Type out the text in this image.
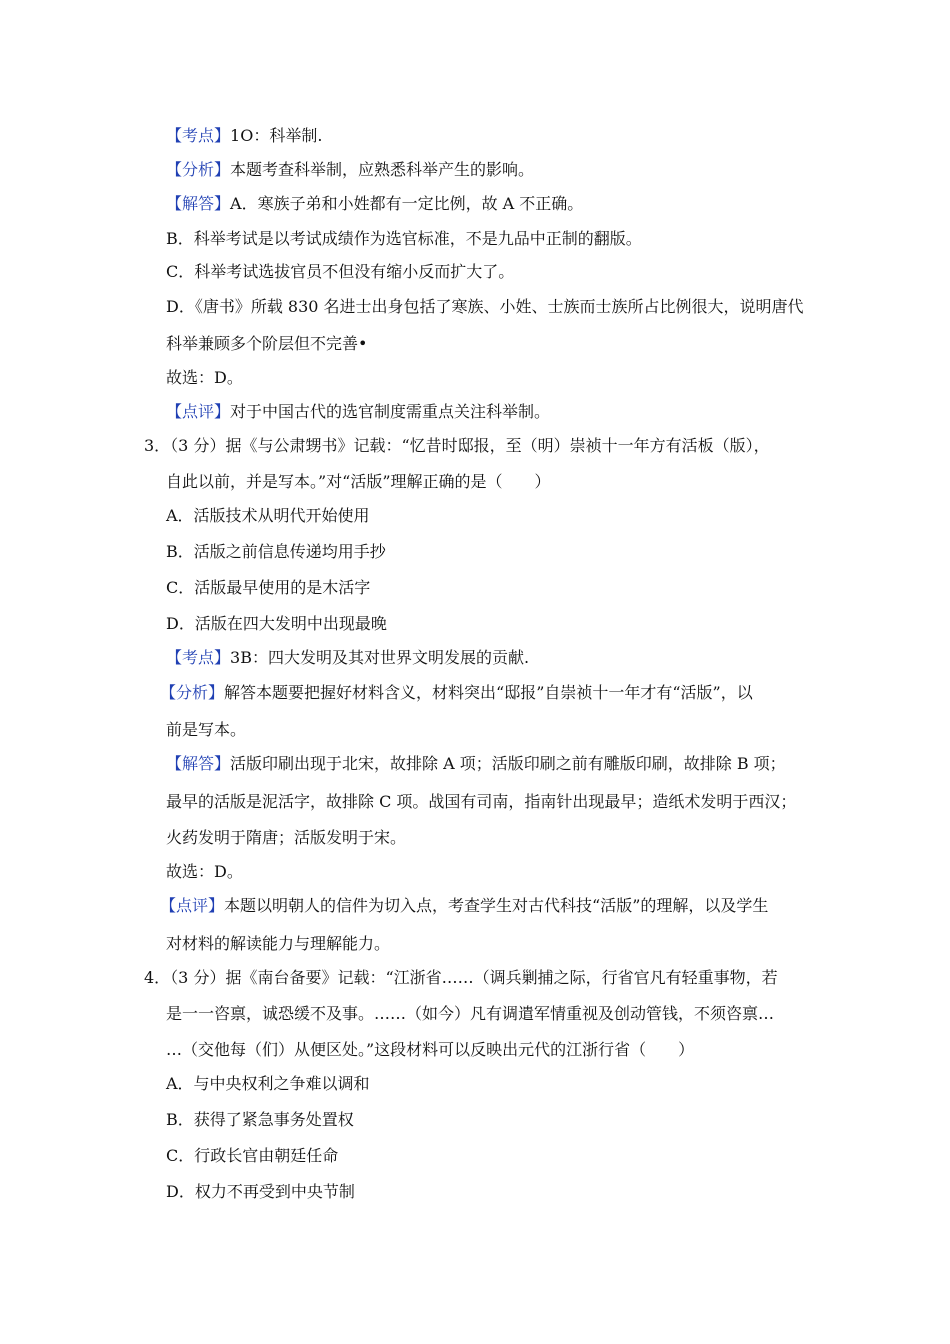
【考点】1O：科举制.
【分析】本题考查科举制，应熟悉科举产生的影响。
【解答】A．寒族子弟和小姓都有一定比例，故 A 不正确。
B．科举考试是以考试成绩作为选官标准，不是九品中正制的翻版。
C．科举考试选拔官员不但没有缩小反而扩大了。
D．《唐书》所载 830 名进士出身包括了寒族、小姓、士族而士族所占比例很大，说明唐代
科举兼顾多个阶层但不完善•
故选：D。
【点评】对于中国古代的选官制度需重点关注科举制。
3．（3 分）据《与公肃甥书》记载：“忆昔时邸报，至（明）崇祯十一年方有活板（版），
自此以前，并是写本。”对“活版”理解正确的是（　　）
A．活版技术从明代开始使用
B．活版之前信息传递均用手抄
C．活版最早使用的是木活字
D．活版在四大发明中出现最晚
【考点】3B：四大发明及其对世界文明发展的贡献.
【分析】解答本题要把握好材料含义，材料突出“邸报”自崇祯十一年才有“活版”，以
前是写本。
【解答】活版印刷出现于北宋，故排除 A 项；活版印刷之前有雕版印刷，故排除 B 项；
最早的活版是泥活字，故排除 C 项。战国有司南，指南针出现最早；造纸术发明于西汉；
火药发明于隋唐；活版发明于宋。
故选：D。
【点评】本题以明朝人的信件为切入点，考查学生对古代科技“活版”的理解，以及学生
对材料的解读能力与理解能力。
4．（3 分）据《南台备要》记载：“江浙省……（调兵剿捕之际，行省官凡有轻重事物，若
是一一咨禀，诚恐缓不及事。……（如今）凡有调遣军情重视及创动管钱，不须咨禀…
…（交他每（们）从便区处。”这段材料可以反映出元代的江浙行省（　　）
A．与中央权利之争难以调和
B．获得了紧急事务处置权
C．行政长官由朝廷任命
D．权力不再受到中央节制
